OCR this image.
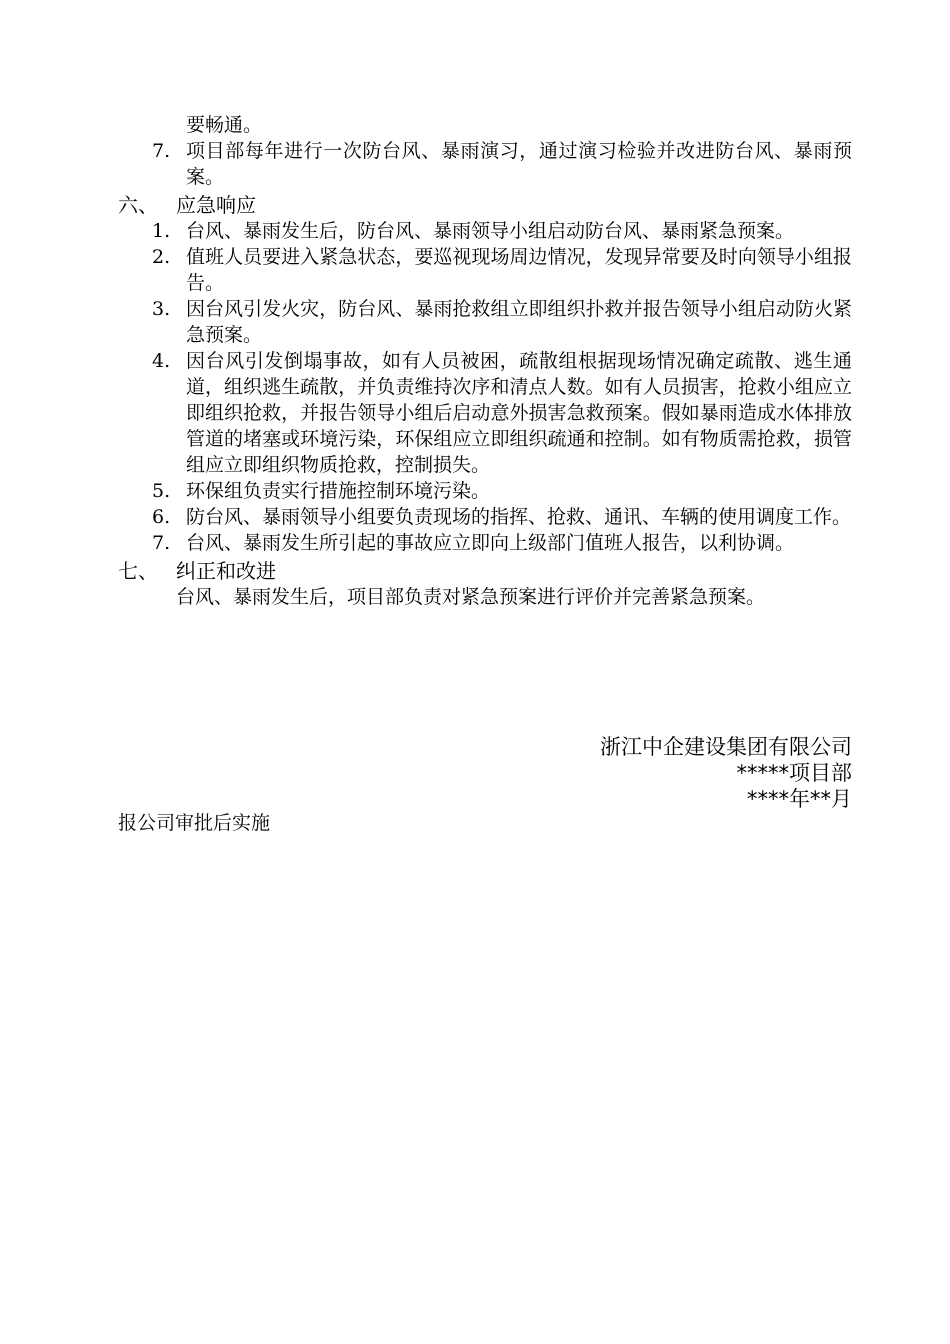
要畅通。
7. 项目部每年进行一次防台风、暴雨演习，通过演习检验并改进防台风、暴雨预案。
六、 应急响应
1. 台风、暴雨发生后，防台风、暴雨领导小组启动防台风、暴雨紧急预案。
2. 值班人员要进入紧急状态，要巡视现场周边情况，发现异常要及时向领导小组报告。
3. 因台风引发火灾，防台风、暴雨抢救组立即组织扑救并报告领导小组启动防火紧急预案。
4. 因台风引发倒塌事故，如有人员被困，疏散组根据现场情况确定疏散、逃生通道，组织逃生疏散，并负责维持次序和清点人数。如有人员损害，抢救小组应立即组织抢救，并报告领导小组后启动意外损害急救预案。假如暴雨造成水体排放管道的堵塞或环境污染，环保组应立即组织疏通和控制。如有物质需抢救，损管组应立即组织物质抢救，控制损失。
5. 环保组负责实行措施控制环境污染。
6. 防台风、暴雨领导小组要负责现场的指挥、抢救、通讯、车辆的使用调度工作。
7. 台风、暴雨发生所引起的事故应立即向上级部门值班人报告，以利协调。
七、 纠正和改进
台风、暴雨发生后，项目部负责对紧急预案进行评价并完善紧急预案。
浙江中企建设集团有限公司
*****项目部
****年**月
报公司审批后实施
